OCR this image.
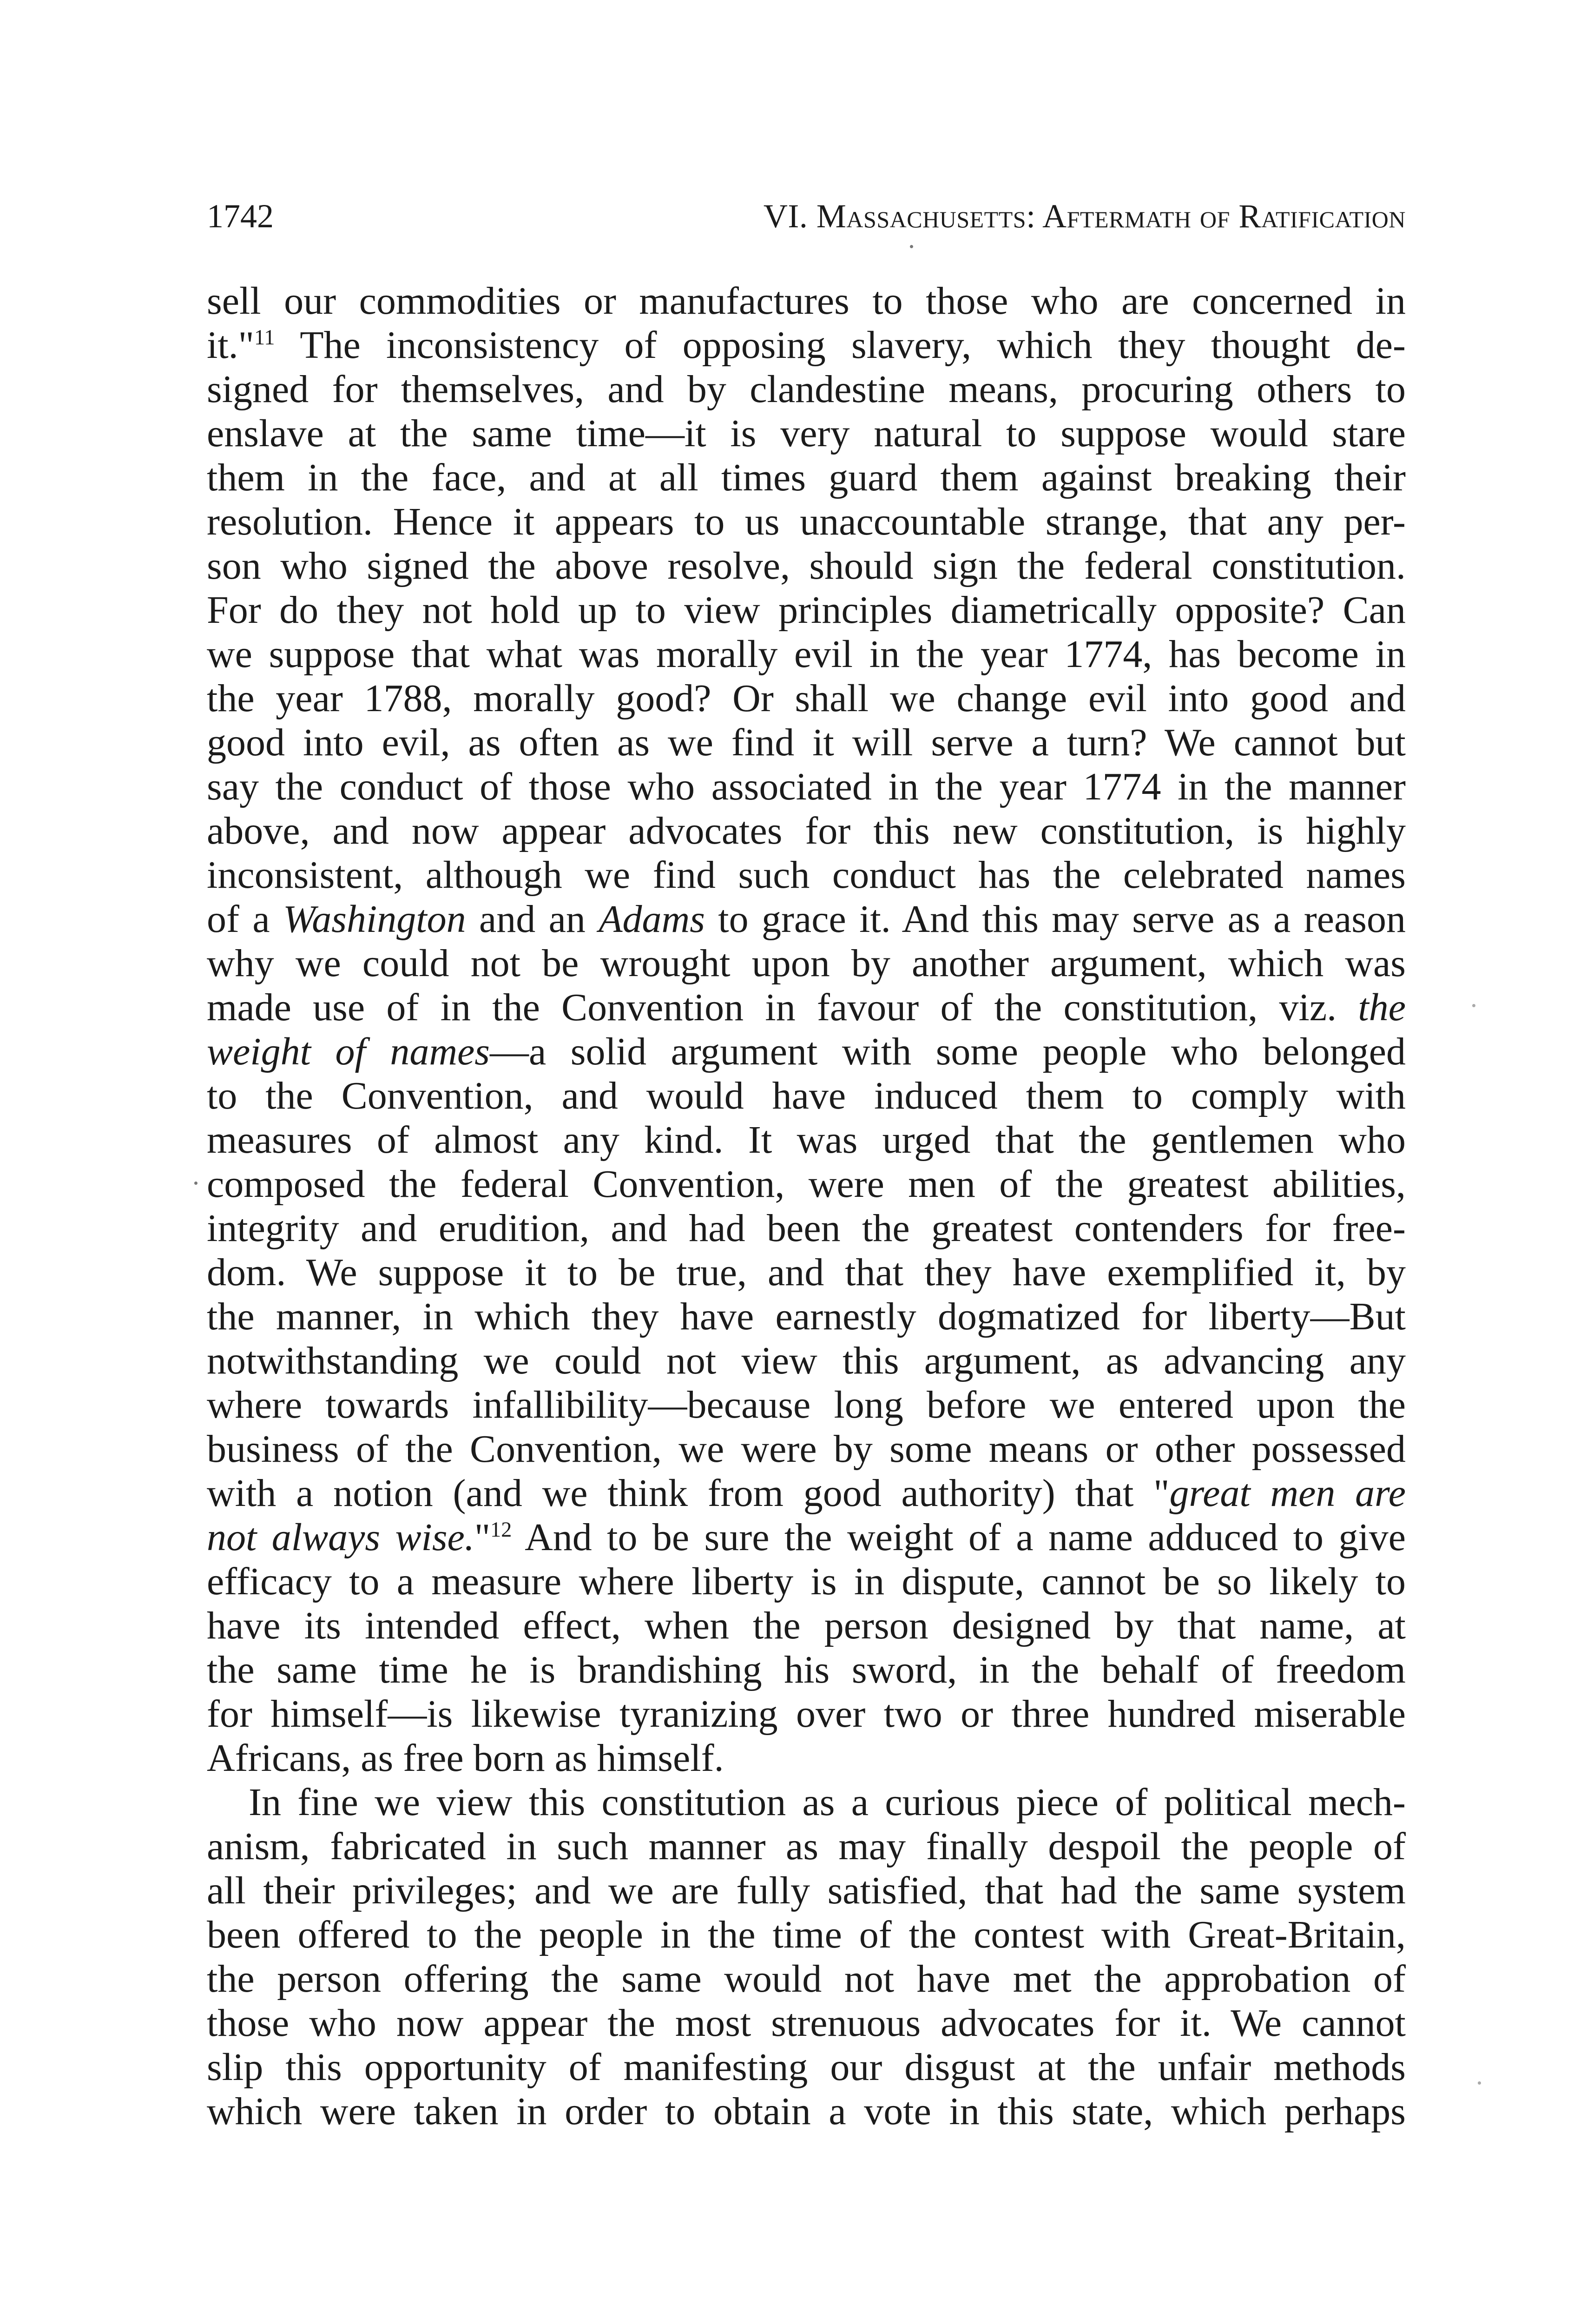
1742	VI. Massachusetts: Aftermath of Ratification
sell our commodities or manufactures to those who are concerned in
it."$^{11}$ The inconsistency of opposing slavery, which they thought de-
signed for themselves, and by clandestine means, procuring others to
enslave at the same time—it is very natural to suppose would stare
them in the face, and at all times guard them against breaking their
resolution. Hence it appears to us unaccountable strange, that any per-
son who signed the above resolve, should sign the federal constitution.
For do they not hold up to view principles diametrically opposite? Can
we suppose that what was morally evil in the year 1774, has become in
the year 1788, morally good? Or shall we change evil into good and
good into evil, as often as we find it will serve a turn? We cannot but
say the conduct of those who associated in the year 1774 in the manner
above, and now appear advocates for this new constitution, is highly
inconsistent, although we find such conduct has the celebrated names
of a Washington and an Adams to grace it. And this may serve as a reason
why we could not be wrought upon by another argument, which was
made use of in the Convention in favour of the constitution, viz. the
weight of names—a solid argument with some people who belonged
to the Convention, and would have induced them to comply with
measures of almost any kind. It was urged that the gentlemen who
composed the federal Convention, were men of the greatest abilities,
integrity and erudition, and had been the greatest contenders for free-
dom. We suppose it to be true, and that they have exemplified it, by
the manner, in which they have earnestly dogmatized for liberty—But
notwithstanding we could not view this argument, as advancing any
where towards infallibility—because long before we entered upon the
business of the Convention, we were by some means or other possessed
with a notion (and we think from good authority) that "great men are
not always wise."$^{12}$ And to be sure the weight of a name adduced to give
efficacy to a measure where liberty is in dispute, cannot be so likely to
have its intended effect, when the person designed by that name, at
the same time he is brandishing his sword, in the behalf of freedom
for himself—is likewise tyranizing over two or three hundred miserable
Africans, as free born as himself.
In fine we view this constitution as a curious piece of political mech-
anism, fabricated in such manner as may finally despoil the people of
all their privileges; and we are fully satisfied, that had the same system
been offered to the people in the time of the contest with Great-Britain,
the person offering the same would not have met the approbation of
those who now appear the most strenuous advocates for it. We cannot
slip this opportunity of manifesting our disgust at the unfair methods
which were taken in order to obtain a vote in this state, which perhaps
